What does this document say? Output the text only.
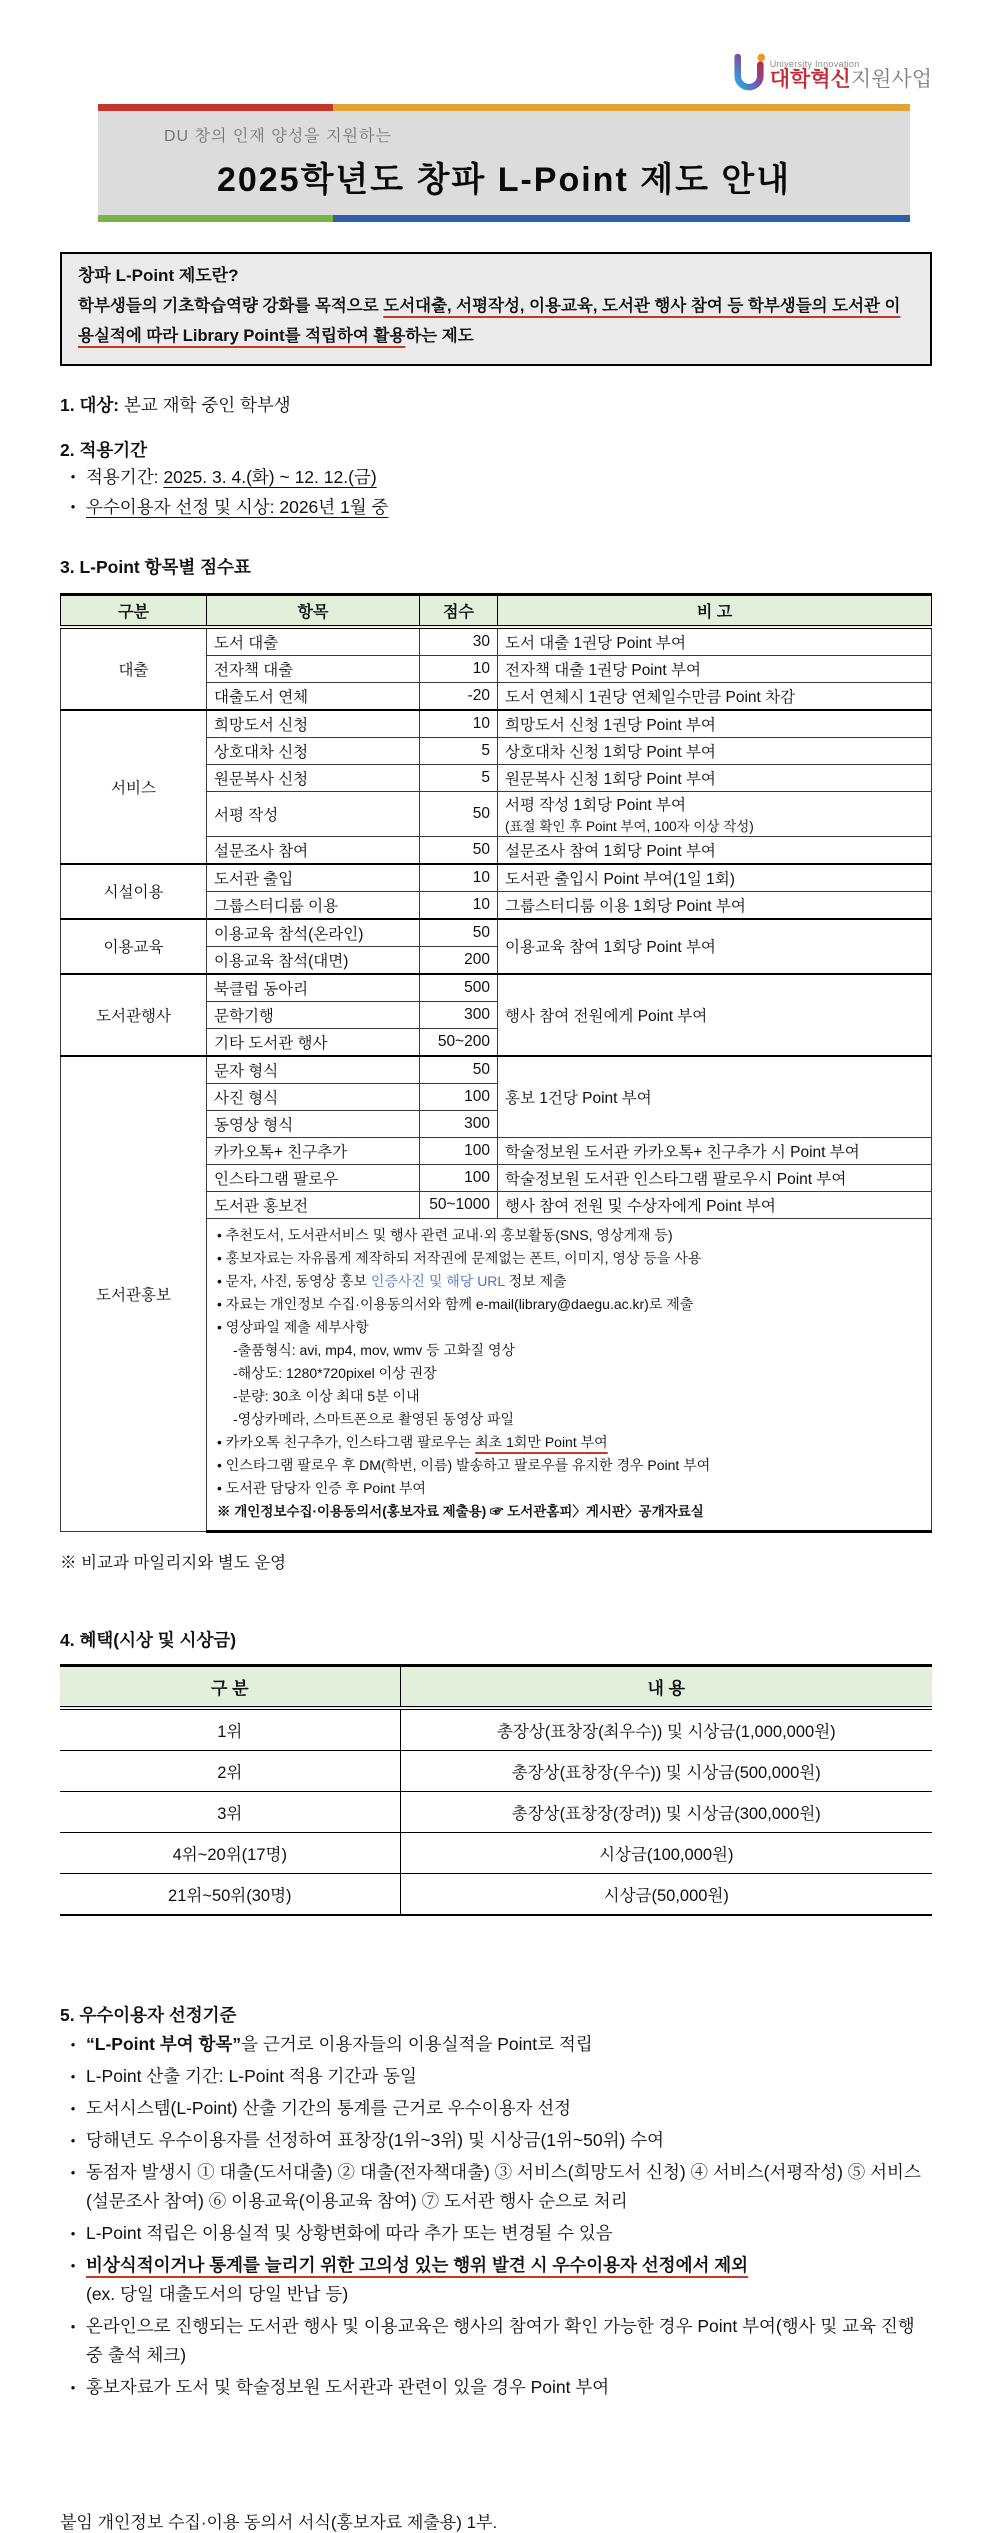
University Innovation
대학혁신지원사업
DU 창의 인재 양성을 지원하는
2025학년도 창파 L-Point 제도 안내
창파 L-Point 제도란?
학부생들의 기초학습역량 강화를 목적으로 도서대출, 서평작성, 이용교육, 도서관 행사 참여 등 학부생들의 도서관 이용실적에 따라 Library Point를 적립하여 활용하는 제도
1. 대상: 본교 재학 중인 학부생
2. 적용기간
• 적용기간: 2025. 3. 4.(화) ~ 12. 12.(금)
• 우수이용자 선정 및 시상: 2026년 1월 중
3. L-Point 항목별 점수표
구분	항목	점수	비 고
대출	도서 대출	30	도서 대출 1권당 Point 부여
	전자책 대출	10	전자책 대출 1권당 Point 부여
	대출도서 연체	-20	도서 연체시 1권당 연체일수만큼 Point 차감
서비스	희망도서 신청	10	희망도서 신청 1권당 Point 부여
	상호대차 신청	5	상호대차 신청 1회당 Point 부여
	원문복사 신청	5	원문복사 신청 1회당 Point 부여
	서평 작성	50	서평 작성 1회당 Point 부여
(표절 확인 후 Point 부여, 100자 이상 작성)

	설문조사 참여	50	설문조사 참여 1회당 Point 부여
시설이용	도서관 출입	10	도서관 출입시 Point 부여(1일 1회)
	그룹스터디룸 이용	10	그룹스터디룸 이용 1회당 Point 부여
이용교육	이용교육 참석(온라인)	50	이용교육 참여 1회당 Point 부여
	이용교육 참석(대면)	200	
도서관행사	북클럽 동아리	500	행사 참여 전원에게 Point 부여
	문학기행	300	
	기타 도서관 행사	50~200	
도서관홍보	문자 형식	50	홍보 1건당 Point 부여
	사진 형식	100	
	동영상 형식	300	
	카카오톡+ 친구추가	100	학술정보원 도서관 카카오톡+ 친구추가 시 Point 부여
	인스타그램 팔로우	100	학술정보원 도서관 인스타그램 팔로우시 Point 부여
	도서관 홍보전	50~1000	행사 참여 전원 및 수상자에게 Point 부여

• 추천도서, 도서관서비스 및 행사 관련 교내·외 홍보활동(SNS, 영상게재 등)
• 홍보자료는 자유롭게 제작하되 저작권에 문제없는 폰트, 이미지, 영상 등을 사용
• 문자, 사진, 동영상 홍보 인증사진 및 해당 URL 정보 제출
• 자료는 개인정보 수집·이용동의서와 함께 e-mail(library@daegu.ac.kr)로 제출
• 영상파일 제출 세부사항
-출품형식: avi, mp4, mov, wmv 등 고화질 영상
-해상도: 1280*720pixel 이상 권장
-분량: 30초 이상 최대 5분 이내
-영상카메라, 스마트폰으로 촬영된 동영상 파일
• 카카오톡 친구추가, 인스타그램 팔로우는 최초 1회만 Point 부여
• 인스타그램 팔로우 후 DM(학번, 이름) 발송하고 팔로우를 유지한 경우 Point 부여
• 도서관 담당자 인증 후 Point 부여
※ 개인정보수집·이용동의서(홍보자료 제출용) ☞ 도서관홈피〉게시판〉공개자료실
※ 비교과 마일리지와 별도 운영
4. 혜택(시상 및 시상금)
구 분	내 용
1위	총장상(표창장(최우수)) 및 시상금(1,000,000원)
2위	총장상(표창장(우수)) 및 시상금(500,000원)
3위	총장상(표창장(장려)) 및 시상금(300,000원)
4위~20위(17명)	시상금(100,000원)
21위~50위(30명)	시상금(50,000원)
5. 우수이용자 선정기준
• “L-Point 부여 항목”을 근거로 이용자들의 이용실적을 Point로 적립
• L-Point 산출 기간: L-Point 적용 기간과 동일
• 도서시스템(L-Point) 산출 기간의 통계를 근거로 우수이용자 선정
• 당해년도 우수이용자를 선정하여 표창장(1위~3위) 및 시상금(1위~50위) 수여
• 동점자 발생시 ① 대출(도서대출) ② 대출(전자책대출) ③ 서비스(희망도서 신청) ④ 서비스(서평작성) ⑤ 서비스(설문조사 참여) ⑥ 이용교육(이용교육 참여) ⑦ 도서관 행사 순으로 처리
• L-Point 적립은 이용실적 및 상황변화에 따라 추가 또는 변경될 수 있음
• 비상식적이거나 통계를 늘리기 위한 고의성 있는 행위 발견 시 우수이용자 선정에서 제외
(ex. 당일 대출도서의 당일 반납 등)
• 온라인으로 진행되는 도서관 행사 및 이용교육은 행사의 참여가 확인 가능한 경우 Point 부여(행사 및 교육 진행 중 출석 체크)
• 홍보자료가 도서 및 학술정보원 도서관과 관련이 있을 경우 Point 부여
붙임 개인정보 수집·이용 동의서 서식(홍보자료 제출용) 1부.
